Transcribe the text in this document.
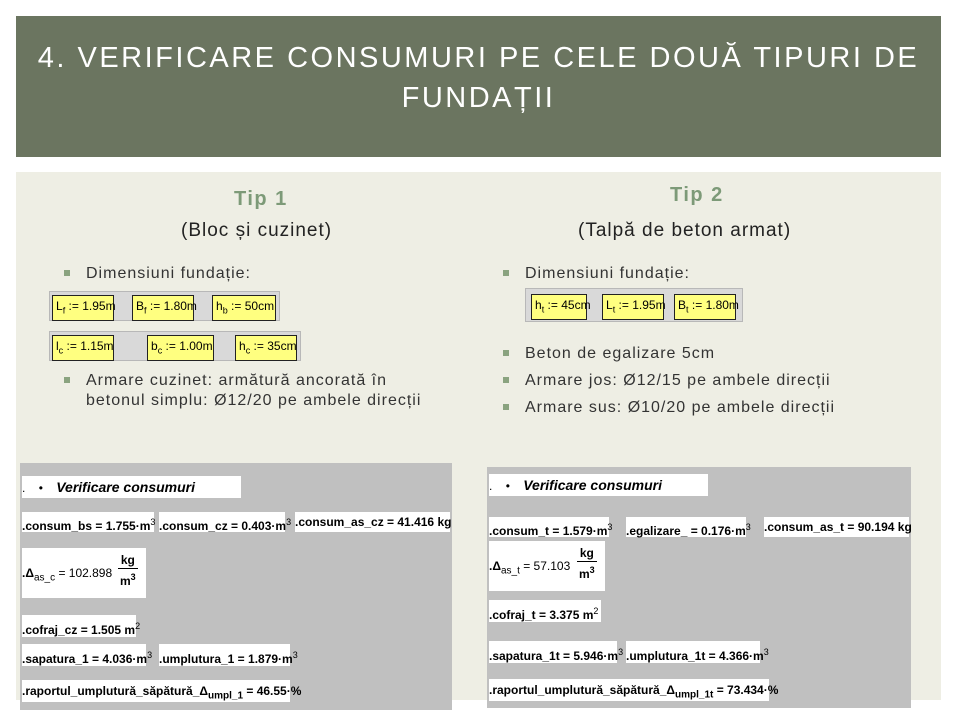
4. VERIFICARE CONSUMURI PE CELE DOUĂ TIPURI DE
FUNDAȚII
Tip 1
(Bloc și cuzinet)
Dimensiuni fundație:
$L_f$ := 1.95m	$B_f$ := 1.80m	$h_b$ := 50cm
$l_c$ := 1.15m	$b_c$ := 1.00m	$h_c$ := 35cm
Armare cuzinet: armătură ancorată în
betonul simplu: Ø12/20 pe ambele direcții
Tip 2
(Talpă de beton armat)
Dimensiuni fundație:
$h_t$ := 45cm	$L_t$ := 1.95m	$B_t$ := 1.80m
Beton de egalizare 5cm
Armare jos: Ø12/15 pe ambele direcții
Armare sus: Ø10/20 pe ambele direcții
. • Verificare consumuri
.consum_bs = $1.755\cdot m^3$ .consum_cz = $0.403\cdot m^3$ .consum_as_cz = 41.416 kg
$.\Delta_{as\_c} = 102.898 \frac{kg}{m^3}$
.cofraj_cz = 1.505 $m^2$
.sapatura_1 = $4.036\cdot m^3$ .umplutura_1 = $1.879\cdot m^3$
$.raportul\_umplutură\_săpătură\_\Delta_{umpl\_1} = 46.55\cdot\%$
. • Verificare consumuri
.consum_t = $1.579\cdot m^3$ .egalizare_ = $0.176\cdot m^3$ .consum_as_t = 90.194 kg
$.\Delta_{as\_t} = 57.103 \frac{kg}{m^3}$
.cofraj_t = 3.375 $m^2$
.sapatura_1t = $5.946\cdot m^3$ .umplutura_1t = $4.366\cdot m^3$
$.raportul\_umplutură\_săpătură\_\Delta_{umpl\_1t} = 73.434\cdot\%$
